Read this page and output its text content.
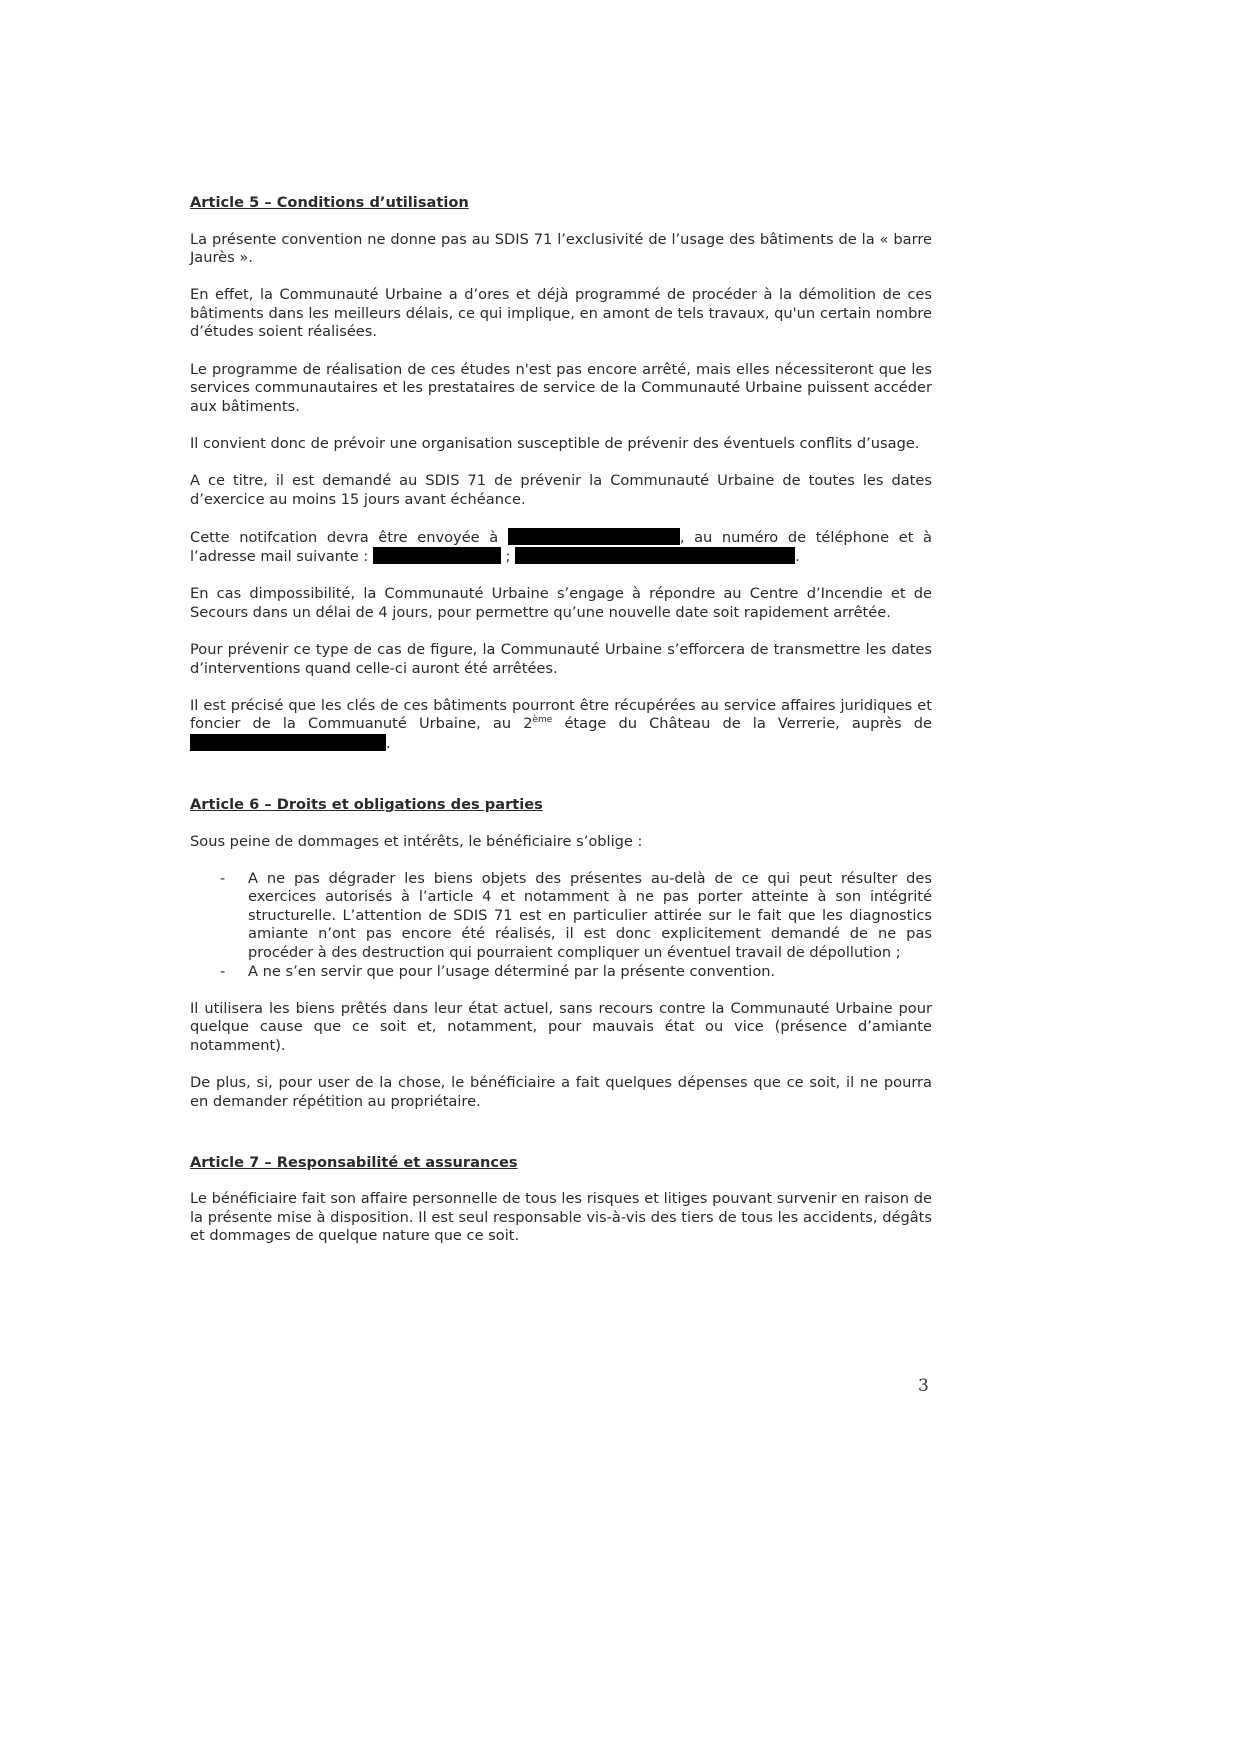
Article 5 – Conditions d’utilisation

La présente convention ne donne pas au SDIS 71 l’exclusivité de l’usage des bâtiments de la « barre Jaurès ».

En effet, la Communauté Urbaine a d’ores et déjà programmé de procéder à la démolition de ces bâtiments dans les meilleurs délais, ce qui implique, en amont de tels travaux, qu'un certain nombre d’études soient réalisées.

Le programme de réalisation de ces études n'est pas encore arrêté, mais elles nécessiteront que les services communautaires et les prestataires de service de la Communauté Urbaine puissent accéder aux bâtiments.

Il convient donc de prévoir une organisation susceptible de prévenir des éventuels conflits d’usage.

A ce titre, il est demandé au SDIS 71 de prévenir la Communauté Urbaine de toutes les dates d’exercice au moins 15 jours avant échéance.

Cette notifcation devra être envoyée à	, au numéro de téléphone et à l’adresse mail suivante :	;	.

En cas dimpossibilité, la Communauté Urbaine s’engage à répondre au Centre d’Incendie et de Secours dans un délai de 4 jours, pour permettre qu’une nouvelle date soit rapidement arrêtée.

Pour prévenir ce type de cas de figure, la Communauté Urbaine s’efforcera de transmettre les dates d’interventions quand celle-ci auront été arrêtées.

Il est précisé que les clés de ces bâtiments pourront être récupérées au service affaires juridiques et foncier de la Commuanuté Urbaine, au 2ème étage du Château de la Verrerie, auprès de .

Article 6 – Droits et obligations des parties

Sous peine de dommages et intérêts, le bénéficiaire s’oblige :

- A ne pas dégrader les biens objets des présentes au-delà de ce qui peut résulter des exercices autorisés à l’article 4 et notamment à ne pas porter atteinte à son intégrité structurelle. L’attention de SDIS 71 est en particulier attirée sur le fait que les diagnostics amiante n’ont pas encore été réalisés, il est donc explicitement demandé de ne pas procéder à des destruction qui pourraient compliquer un éventuel travail de dépollution ;
- A ne s’en servir que pour l’usage déterminé par la présente convention.

Il utilisera les biens prêtés dans leur état actuel, sans recours contre la Communauté Urbaine pour quelque cause que ce soit et, notamment, pour mauvais état ou vice (présence d’amiante notamment).

De plus, si, pour user de la chose, le bénéficiaire a fait quelques dépenses que ce soit, il ne pourra en demander répétition au propriétaire.

Article 7 – Responsabilité et assurances

Le bénéficiaire fait son affaire personnelle de tous les risques et litiges pouvant survenir en raison de la présente mise à disposition. Il est seul responsable vis-à-vis des tiers de tous les accidents, dégâts et dommages de quelque nature que ce soit.

3
